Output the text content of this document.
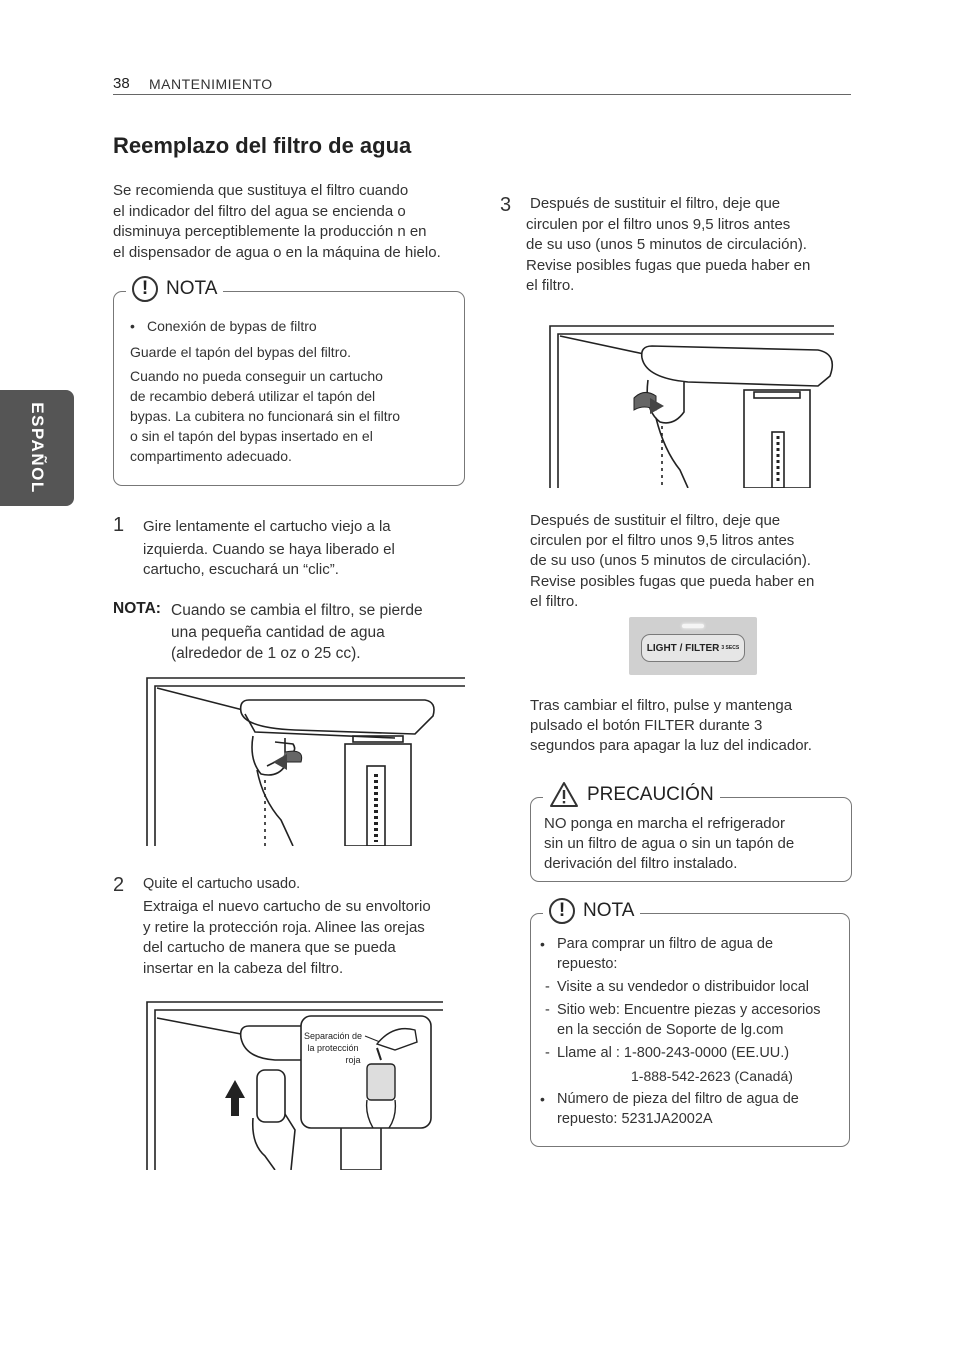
38 MANTENIMIENTO
ESPAÑOL
Reemplazo del filtro de agua
Se recomienda que sustituya el filtro cuando
el indicador del filtro del agua se encienda o
disminuya perceptiblemente la producción n en
el dispensador de agua o en la máquina de hielo.
! NOTA
• Conexión de bypas de filtro
Guarde el tapón del bypas del filtro.
Cuando no pueda conseguir un cartucho
de recambio deberá utilizar el tapón del
bypas. La cubitera no funcionará sin el filtro
o sin el tapón del bypas insertado en el
compartimento adecuado.
1 Gire lentamente el cartucho viejo a la
izquierda. Cuando se haya liberado el
cartucho, escuchará un “clic”.
NOTA: Cuando se cambia el filtro, se pierde
una pequeña cantidad de agua
(alrededor de 1 oz o 25 cc).
2 Quite el cartucho usado.
Extraiga el nuevo cartucho de su envoltorio
y retire la protección roja. Alinee las orejas
del cartucho de manera que se pueda
insertar en la cabeza del filtro.
Separación de
la protección
roja
3 Después de sustituir el filtro, deje que
circulen por el filtro unos 9,5 litros antes
de su uso (unos 5 minutos de circulación).
Revise posibles fugas que pueda haber en
el filtro.
Después de sustituir el filtro, deje que
circulen por el filtro unos 9,5 litros antes
de su uso (unos 5 minutos de circulación).
Revise posibles fugas que pueda haber en
el filtro.
LIGHT / FILTER 3 SECS
Tras cambiar el filtro, pulse y mantenga
pulsado el botón FILTER durante 3
segundos para apagar la luz del indicador.
PRECAUCIÓN
NO ponga en marcha el refrigerador
sin un filtro de agua o sin un tapón de
derivación del filtro instalado.
! NOTA
• Para comprar un filtro de agua de
repuesto:
- Visite a su vendedor o distribuidor local
- Sitio web: Encuentre piezas y accesorios
en la sección de Soporte de lg.com
- Llame al : 1-800-243-0000 (EE.UU.)
1-888-542-2623 (Canadá)
• Número de pieza del filtro de agua de
repuesto: 5231JA2002A
